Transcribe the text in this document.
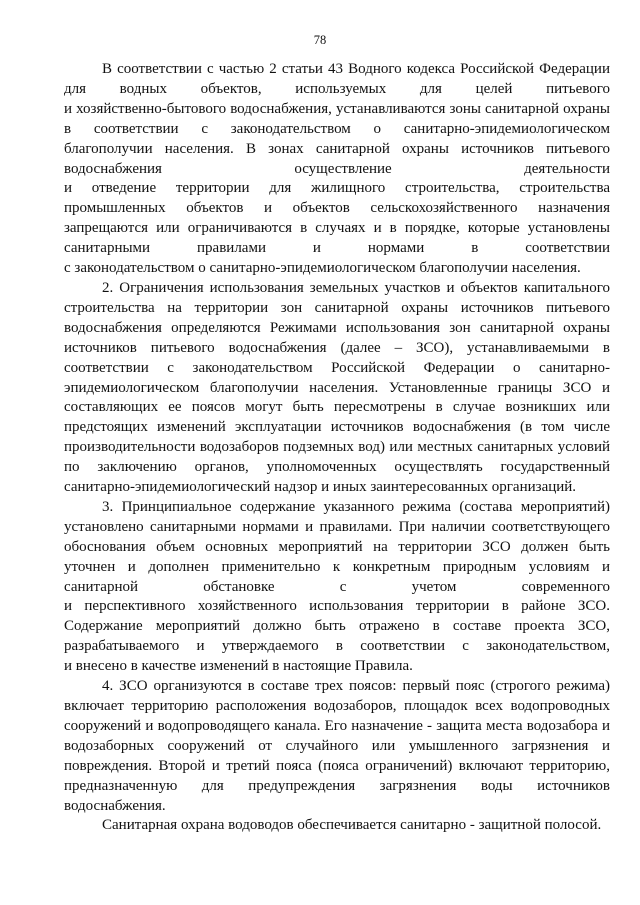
78
В соответствии с частью 2 статьи 43 Водного кодекса Российской Федерации
для водных объектов, используемых для целей питьевого
и хозяйственно-бытового водоснабжения, устанавливаются зоны санитарной охраны
в соответствии с законодательством о санитарно-эпидемиологическом
благополучии населения. В зонах санитарной охраны источников питьевого
водоснабжения осуществление деятельности
и отведение территории для жилищного строительства, строительства
промышленных объектов и объектов сельскохозяйственного назначения
запрещаются или ограничиваются в случаях и в порядке, которые установлены
санитарными правилами и нормами в соответствии
с законодательством о санитарно-эпидемиологическом благополучии населения.
2. Ограничения использования земельных участков и объектов капитального
строительства на территории зон санитарной охраны источников питьевого
водоснабжения определяются Режимами использования зон санитарной охраны
источников питьевого водоснабжения (далее – ЗСО), устанавливаемыми в
соответствии с законодательством Российской Федерации о санитарно-
эпидемиологическом благополучии населения. Установленные границы ЗСО и
составляющих ее поясов могут быть пересмотрены в случае возникших или
предстоящих изменений эксплуатации источников водоснабжения (в том числе
производительности водозаборов подземных вод) или местных санитарных условий
по заключению органов, уполномоченных осуществлять государственный
санитарно-эпидемиологический надзор и иных заинтересованных организаций.
3. Принципиальное содержание указанного режима (состава мероприятий)
установлено санитарными нормами и правилами. При наличии соответствующего
обоснования объем основных мероприятий на территории ЗСО должен быть
уточнен и дополнен применительно к конкретным природным условиям и
санитарной обстановке с учетом современного
и перспективного хозяйственного использования территории в районе ЗСО.
Содержание мероприятий должно быть отражено в составе проекта ЗСО,
разрабатываемого и утверждаемого в соответствии с законодательством,
и внесено в качестве изменений в настоящие Правила.
4. ЗСО организуются в составе трех поясов: первый пояс (строгого режима)
включает территорию расположения водозаборов, площадок всех водопроводных
сооружений и водопроводящего канала. Его назначение - защита места водозабора и
водозаборных сооружений от случайного или умышленного загрязнения и
повреждения. Второй и третий пояса (пояса ограничений) включают территорию,
предназначенную для предупреждения загрязнения воды источников
водоснабжения.
Санитарная охрана водоводов обеспечивается санитарно - защитной полосой.
